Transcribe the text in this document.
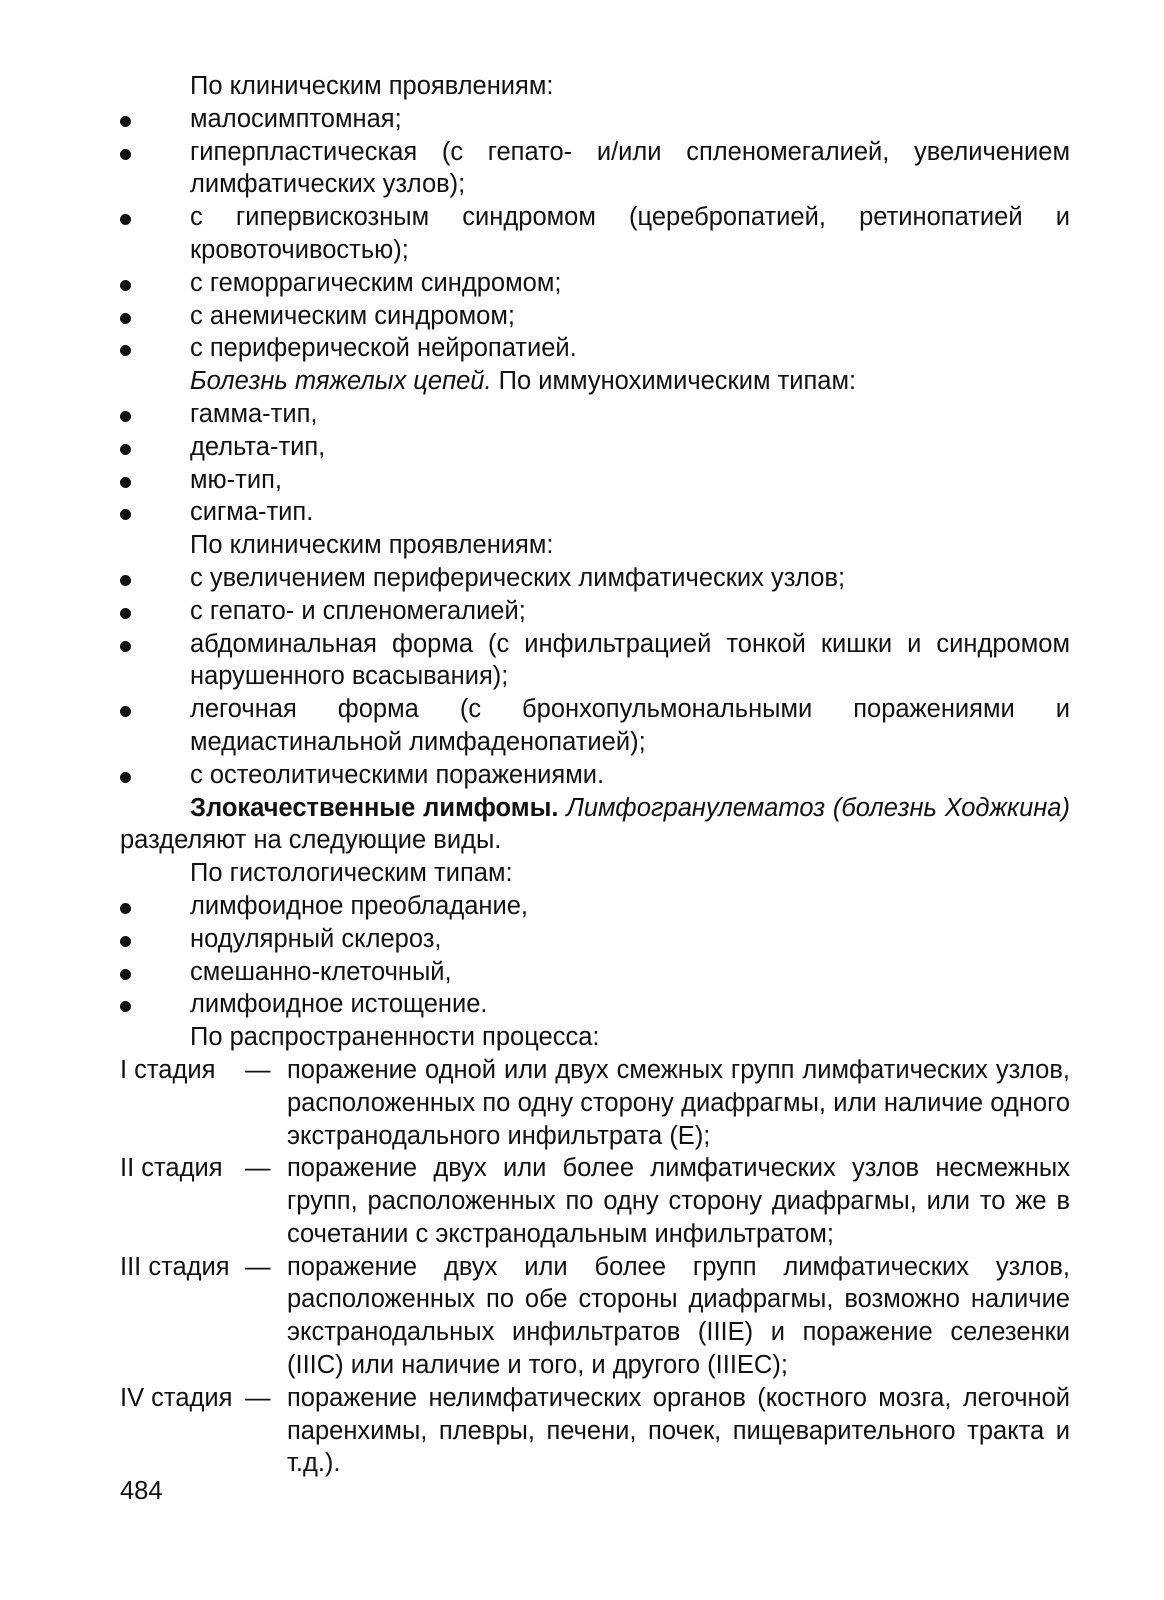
По клиническим проявлениям:

малосимптомная;
гиперпластическая (с гепато- и/или спленомегалией, увеличением лимфатических узлов);
с гипервискозным синдромом (церебропатией, ретинопатией и кровоточивостью);
с геморрагическим синдромом;
с анемическим синдромом;
с периферической нейропатией.

Болезнь тяжелых цепей. По иммунохимическим типам:

гамма-тип,
дельта-тип,
мю-тип,
сигма-тип.

По клиническим проявлениям:

с увеличением периферических лимфатических узлов;
с гепато- и спленомегалией;
абдоминальная форма (с инфильтрацией тонкой кишки и синдромом нарушенного всасывания);
легочная форма (с бронхопульмональными поражениями и медиастинальной лимфаденопатией);
с остеолитическими поражениями.

Злокачественные лимфомы. Лимфогранулематоз (болезнь Ходжкина) разделяют на следующие виды.

По гистологическим типам:

лимфоидное преобладание,
нодулярный склероз,
смешанно-клеточный,
лимфоидное истощение.

По распространенности процесса:

I стадия	— поражение одной или двух смежных групп лимфатических узлов, расположенных по одну сторону диафрагмы, или наличие одного экстранодального инфильтрата (E);
II стадия — поражение двух или более лимфатических узлов несмежных групп, расположенных по одну сторону диафрагмы, или то же в сочетании с экстранодальным инфильтратом;
III стадия — поражение двух или более групп лимфатических узлов, расположенных по обе стороны диафрагмы, возможно наличие экстранодальных инфильтратов (IIIE) и поражение селезенки (IIIC) или наличие и того, и другого (IIIEC);
IV стадия — поражение нелимфатических органов (костного мозга, легочной паренхимы, плевры, печени, почек, пищеварительного тракта и т.д.).
484
